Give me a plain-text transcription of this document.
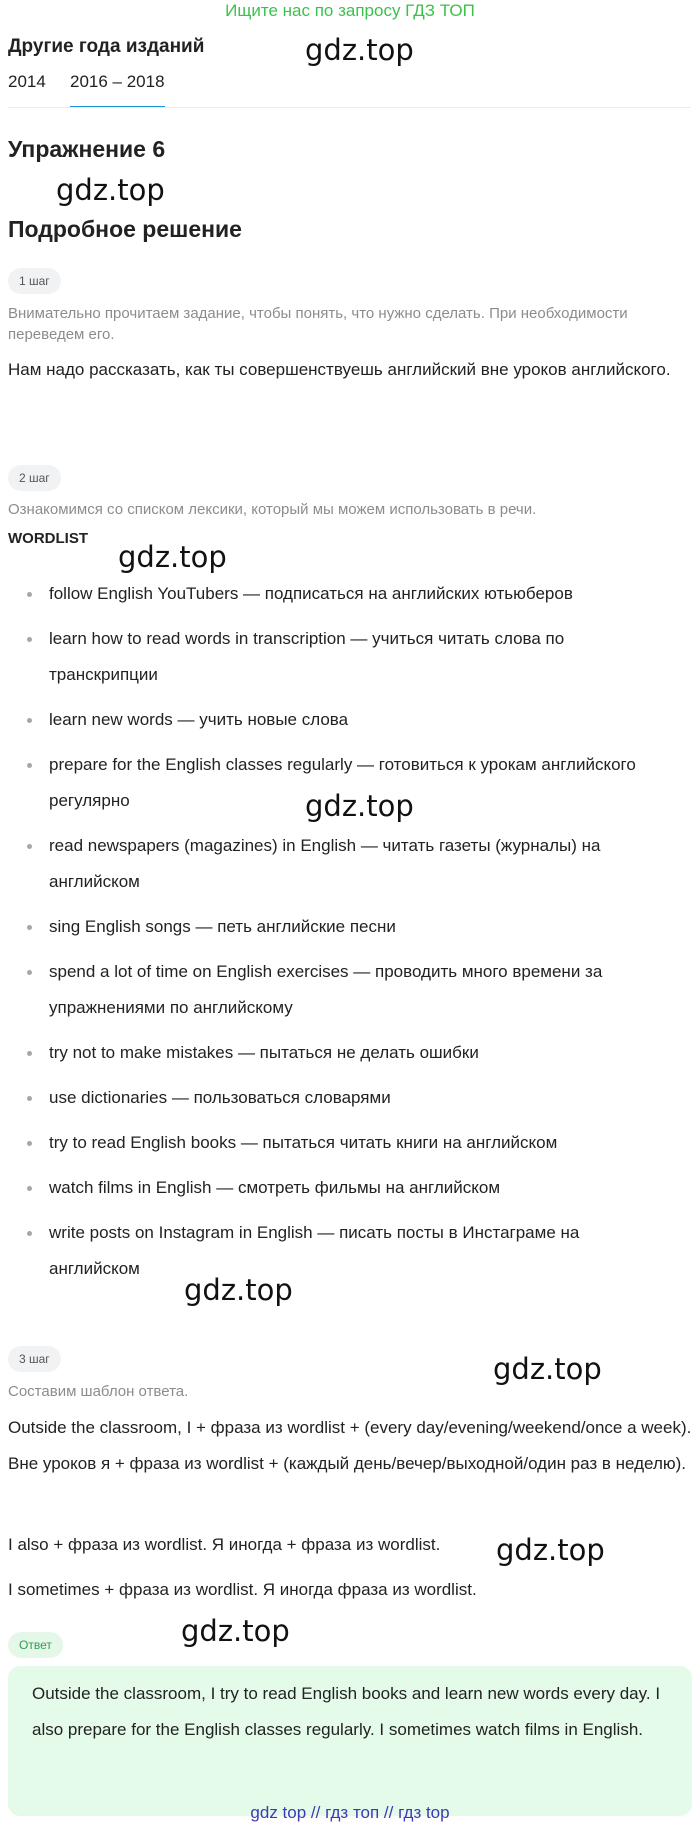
Ищите нас по запросу ГДЗ ТОП
Другие года изданий
2014 2016 – 2018
Упражнение 6
Подробное решение
1 шаг
Внимательно прочитаем задание, чтобы понять, что нужно сделать. При необходимости переведем его.
Нам надо рассказать, как ты совершенствуешь английский вне уроков английского.
2 шаг
Ознакомимся со списком лексики, который мы можем использовать в речи.
WORDLIST
follow English YouTubers — подписаться на английских ютьюберов
learn how to read words in transcription — учиться читать слова по транскрипции
learn new words — учить новые слова
prepare for the English classes regularly — готовиться к урокам английского регулярно
read newspapers (magazines) in English — читать газеты (журналы) на английском
sing English songs — петь английские песни
spend a lot of time on English exercises — проводить много времени за упражнениями по английскому
try not to make mistakes — пытаться не делать ошибки
use dictionaries — пользоваться словарями
try to read English books — пытаться читать книги на английском
watch films in English — смотреть фильмы на английском
write posts on Instagram in English — писать посты в Инстаграме на английском
3 шаг
Составим шаблон ответа.
Outside the classroom, I + фраза из wordlist + (every day/evening/weekend/once a week). Вне уроков я + фраза из wordlist + (каждый день/вечер/выходной/один раз в неделю).
I also + фраза из wordlist. Я иногда + фраза из wordlist.
I sometimes + фраза из wordlist. Я иногда фраза из wordlist.
Ответ
Outside the classroom, I try to read English books and learn new words every day. I also prepare for the English classes regularly. I sometimes watch films in English.
gdz top // гдз топ // гдз top
gdz.top
gdz.top
gdz.top
gdz.top
gdz.top
gdz.top
gdz.top
gdz.top
